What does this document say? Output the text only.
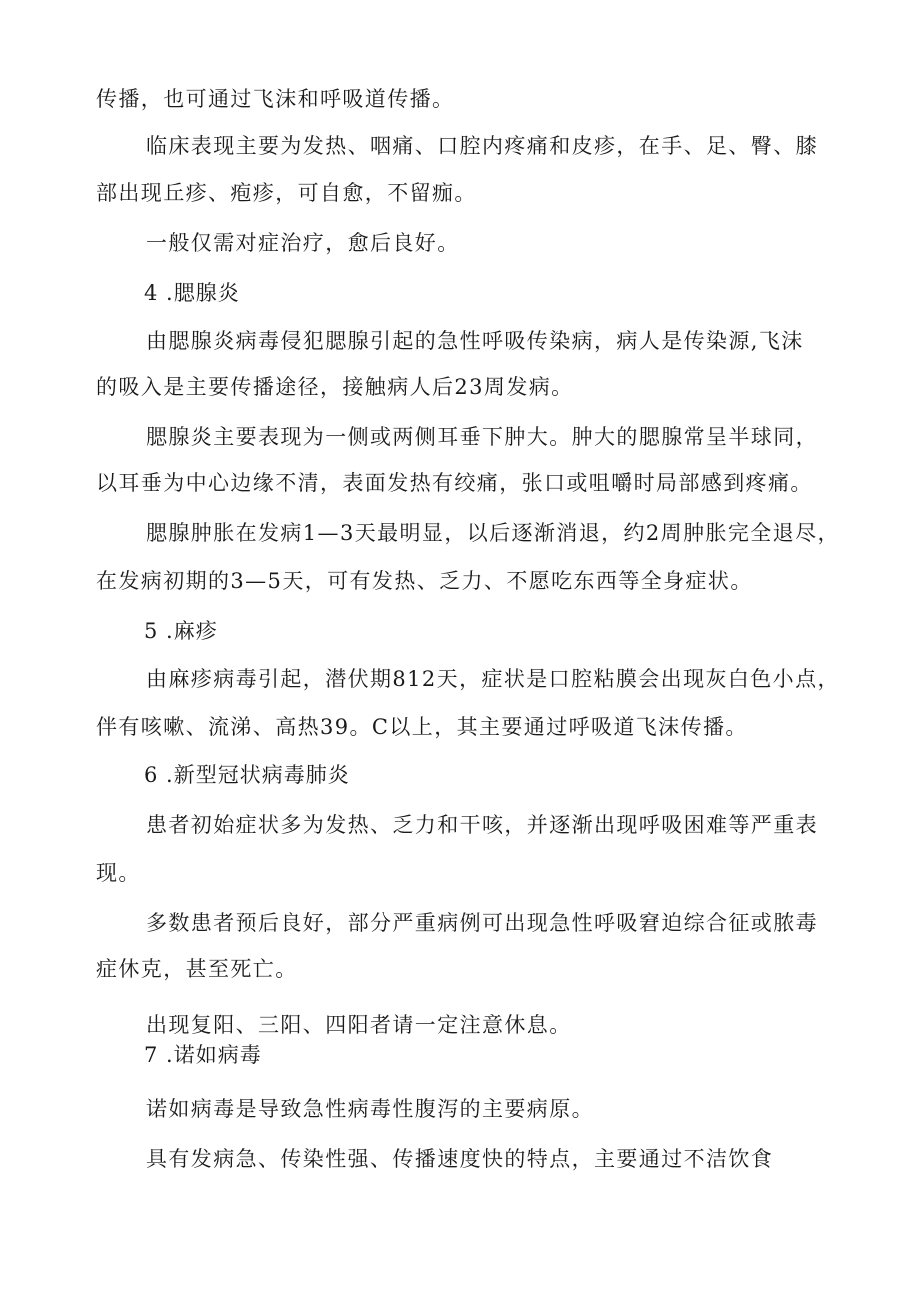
传播，也可通过飞沫和呼吸道传播。

临床表现主要为发热、咽痛、口腔内疼痛和皮疹，在手、足、臀、膝

部出现丘疹、疱疹，可自愈，不留痂。

一般仅需对症治疗，愈后良好。

4 .腮腺炎

由腮腺炎病毒侵犯腮腺引起的急性呼吸传染病，病人是传染源,飞沫

的吸入是主要传播途径，接触病人后23周发病。

腮腺炎主要表现为一侧或两侧耳垂下肿大。肿大的腮腺常呈半球同，

以耳垂为中心边缘不清，表面发热有绞痛，张口或咀嚼时局部感到疼痛。

腮腺肿胀在发病1—3天最明显，以后逐渐消退，约2周肿胀完全退尽，

在发病初期的3—5天，可有发热、乏力、不愿吃东西等全身症状。

5 .麻疹

由麻疹病毒引起，潜伏期812天，症状是口腔粘膜会出现灰白色小点，

伴有咳嗽、流涕、高热39。C以上，其主要通过呼吸道飞沫传播。

6 .新型冠状病毒肺炎

患者初始症状多为发热、乏力和干咳，并逐渐出现呼吸困难等严重表

现。

多数患者预后良好，部分严重病例可出现急性呼吸窘迫综合征或脓毒

症休克，甚至死亡。

出现复阳、三阳、四阳者请一定注意休息。

7 .诺如病毒

诺如病毒是导致急性病毒性腹泻的主要病原。

具有发病急、传染性强、传播速度快的特点，主要通过不洁饮食
